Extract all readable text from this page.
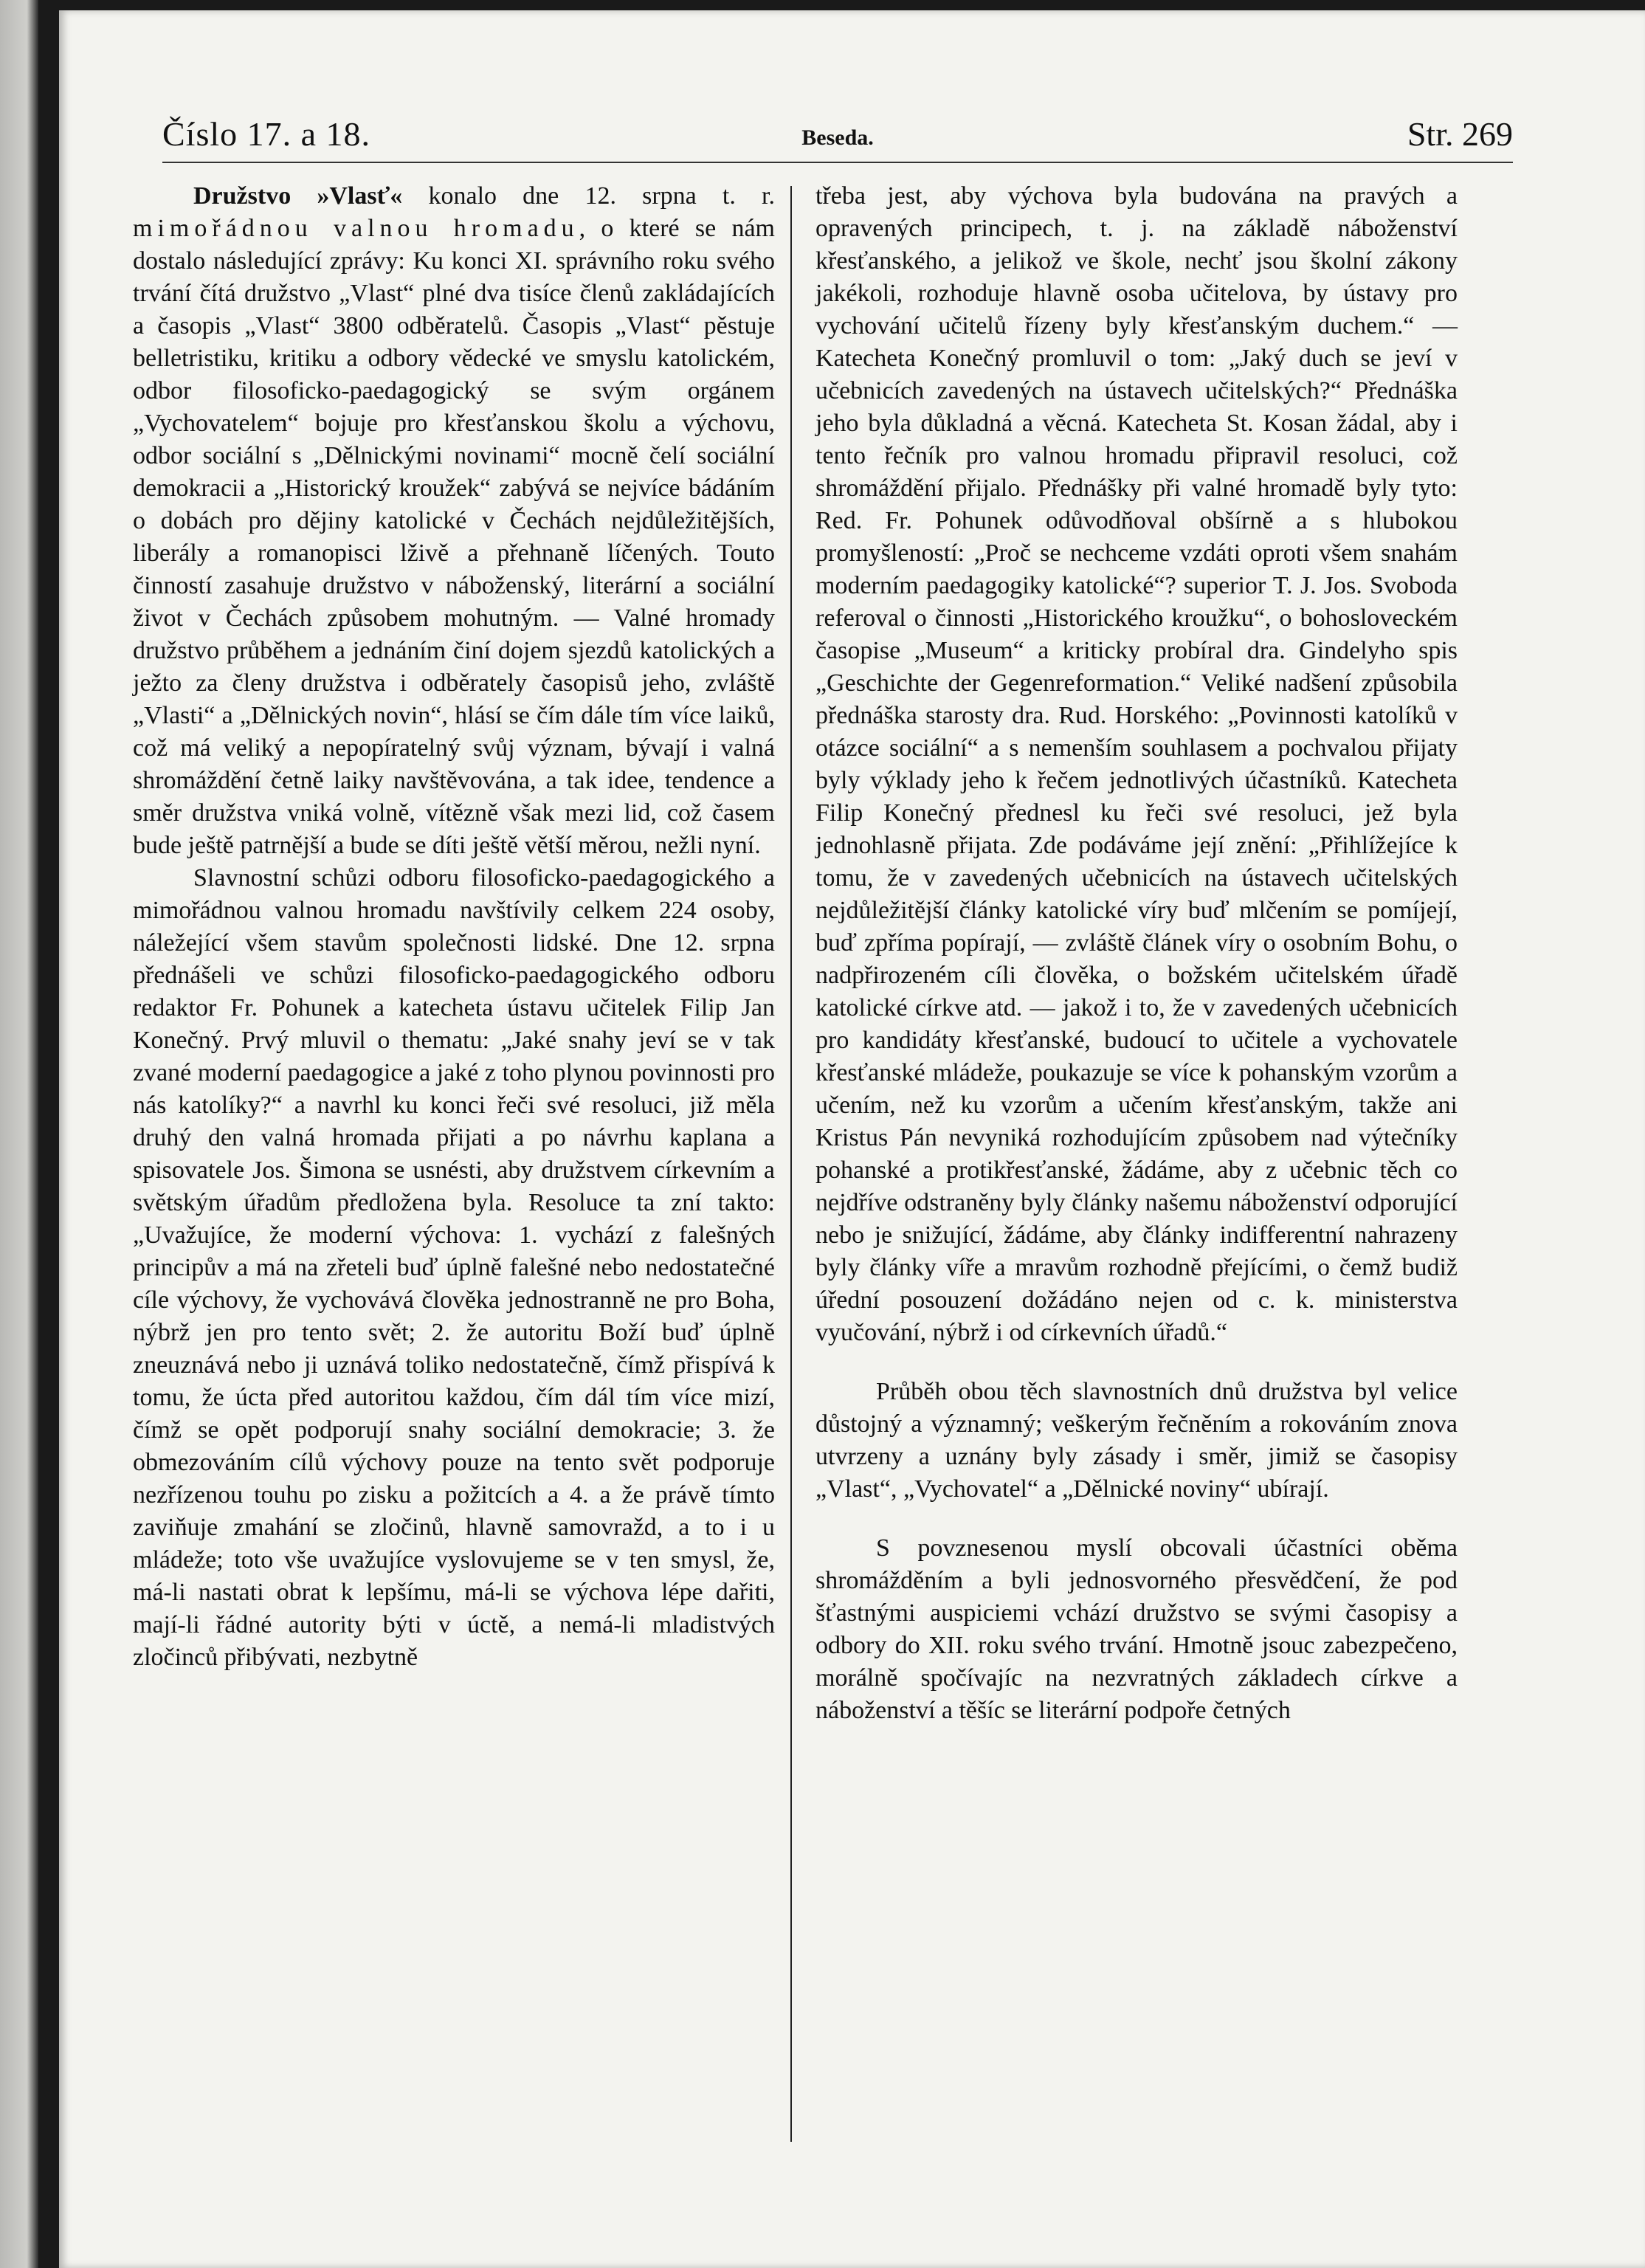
Číslo 17. a 18.	Beseda.	Str. 269

Družstvo »Vlasť« konalo dne 12. srpna t. r. mimořádnou valnou hromadu, o které se nám dostalo následující zprávy: Ku konci XI. správního roku svého trvání čítá družstvo „Vlast“ plné dva tisíce členů zakládajících a časopis „Vlast“ 3800 odběratelů. Časopis „Vlast“ pěstuje belletristiku, kritiku a odbory vědecké ve smyslu katolickém, odbor filosoficko-paedagogický se svým orgánem „Vychovatelem“ bojuje pro křesťanskou školu a výchovu, odbor sociální s „Dělnickými novinami“ mocně čelí sociální demokracii a „Historický kroužek“ zabývá se nejvíce bádáním o dobách pro dějiny katolické v Čechách nejdůležitějších, liberály a romanopisci lživě a přehnaně líčených. Touto činností zasahuje družstvo v náboženský, literární a sociální život v Čechách způsobem mohutným. — Valné hromady družstvo průběhem a jednáním činí dojem sjezdů katolických a ježto za členy družstva i odběrately časopisů jeho, zvláště „Vlasti“ a „Dělnických novin“, hlásí se čím dále tím více laiků, což má veliký a nepopíratelný svůj význam, bývají i valná shromáždění četně laiky navštěvována, a tak idee, tendence a směr družstva vniká volně, vítězně však mezi lid, což časem bude ještě patrnější a bude se díti ještě větší měrou, nežli nyní.

Slavnostní schůzi odboru filosoficko-paedagogického a mimořádnou valnou hromadu navštívily celkem 224 osoby, náležející všem stavům společnosti lidské. Dne 12. srpna přednášeli ve schůzi filosoficko-paedagogického odboru redaktor Fr. Pohunek a katecheta ústavu učitelek Filip Jan Konečný. Prvý mluvil o thematu: „Jaké snahy jeví se v tak zvané moderní paedagogice a jaké z toho plynou povinnosti pro nás katolíky?“ a navrhl ku konci řeči své resoluci, již měla druhý den valná hromada přijati a po návrhu kaplana a spisovatele Jos. Šimona se usnésti, aby družstvem církevním a světským úřadům předložena byla. Resoluce ta zní takto: „Uvažujíce, že moderní výchova: 1. vychází z falešných principův a má na zřeteli buď úplně falešné nebo nedostatečné cíle výchovy, že vychovává člověka jednostranně ne pro Boha, nýbrž jen pro tento svět; 2. že autoritu Boží buď úplně zneuznává nebo ji uznává toliko nedostatečně, čímž přispívá k tomu, že úcta před autoritou každou, čím dál tím více mizí, čímž se opět podporují snahy sociální demokracie; 3. že obmezováním cílů výchovy pouze na tento svět podporuje nezřízenou touhu po zisku a požitcích a 4. a že právě tímto zaviňuje zmahání se zločinů, hlavně samovražd, a to i u mládeže; toto vše uvažujíce vyslovujeme se v ten smysl, že, má-li nastati obrat k lepšímu, má-li se výchova lépe dařiti, mají-li řádné autority býti v úctě, a nemá-li mladistvých zločinců přibývati, nezbytně

třeba jest, aby výchova byla budována na pravých a opravených principech, t. j. na základě náboženství křesťanského, a jelikož ve škole, nechť jsou školní zákony jakékoli, rozhoduje hlavně osoba učitelova, by ústavy pro vychování učitelů řízeny byly křesťanským duchem.“ — Katecheta Konečný promluvil o tom: „Jaký duch se jeví v učebnicích zavedených na ústavech učitelských?“ Přednáška jeho byla důkladná a věcná. Katecheta St. Kosan žádal, aby i tento řečník pro valnou hromadu připravil resoluci, což shromáždění přijalo. Přednášky při valné hromadě byly tyto: Red. Fr. Pohunek odůvodňoval obšírně a s hlubokou promyšleností: „Proč se nechceme vzdáti oproti všem snahám moderním paedagogiky katolické“? superior T. J. Jos. Svoboda referoval o činnosti „Historického kroužku“, o bohosloveckém časopise „Museum“ a kriticky probíral dra. Gindelyho spis „Geschichte der Gegenreformation.“ Veliké nadšení způsobila přednáška starosty dra. Rud. Horského: „Povinnosti katolíků v otázce sociální“ a s nemenším souhlasem a pochvalou přijaty byly výklady jeho k řečem jednotlivých účastníků. Katecheta Filip Konečný přednesl ku řeči své resoluci, jež byla jednohlasně přijata. Zde podáváme její znění: „Přihlížejíce k tomu, že v zavedených učebnicích na ústavech učitelských nejdůležitější články katolické víry buď mlčením se pomíjejí, buď zpříma popírají, — zvláště článek víry o osobním Bohu, o nadpřirozeném cíli člověka, o božském učitelském úřadě katolické církve atd. — jakož i to, že v zavedených učebnicích pro kandidáty křesťanské, budoucí to učitele a vychovatele křesťanské mládeže, poukazuje se více k pohanským vzorům a učením, než ku vzorům a učením křesťanským, takže ani Kristus Pán nevyniká rozhodujícím způsobem nad výtečníky pohanské a protikřesťanské, žádáme, aby z učebnic těch co nejdříve odstraněny byly články našemu náboženství odporující nebo je snižující, žádáme, aby články indifferentní nahrazeny byly články víře a mravům rozhodně přejícími, o čemž budiž úřední posouzení dožádáno nejen od c. k. ministerstva vyučování, nýbrž i od církevních úřadů.“

Průběh obou těch slavnostních dnů družstva byl velice důstojný a významný; veškerým řečněním a rokováním znova utvrzeny a uznány byly zásady i směr, jimiž se časopisy „Vlast“, „Vychovatel“ a „Dělnické noviny“ ubírají.

S povznesenou myslí obcovali účastníci oběma shromážděním a byli jednosvorného přesvědčení, že pod šťastnými auspiciemi vchází družstvo se svými časopisy a odbory do XII. roku svého trvání. Hmotně jsouc zabezpečeno, morálně spočívajíc na nezvratných základech církve a náboženství a těšíc se literární podpoře četných
